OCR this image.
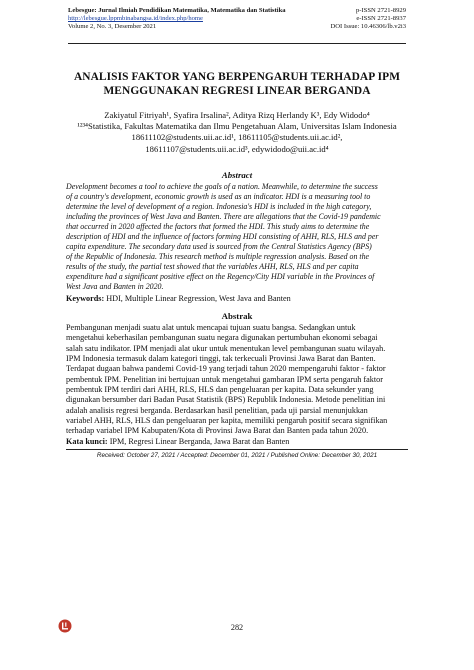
Lebesgue: Jurnal Ilmiah Pendidikan Matematika, Matematika dan Statistika	p-ISSN 2721-8929
http://lebesgue.lppmbinabangsa.id/index.php/home	e-ISSN 2721-8937
Volume 2, No. 3, Desember 2021	DOI Issue: 10.46306/lb.v2i3
ANALISIS FAKTOR YANG BERPENGARUH TERHADAP IPM
MENGGUNAKAN REGRESI LINEAR BERGANDA
Zakiyatul Fitriyah¹, Syafira Irsalina², Aditya Rizq Herlandy K³, Edy Widodo⁴
¹²³⁴Statistika, Fakultas Matematika dan Ilmu Pengetahuan Alam, Universitas Islam Indonesia
18611102@students.uii.ac.id¹, 18611105@students.uii.ac.id²,
18611107@students.uii.ac.id³, edywidodo@uii.ac.id⁴
Abstract
Development becomes a tool to achieve the goals of a nation. Meanwhile, to determine the success
of a country's development, economic growth is used as an indicator. HDI is a measuring tool to
determine the level of development of a region. Indonesia's HDI is included in the high category,
including the provinces of West Java and Banten. There are allegations that the Covid-19 pandemic
that occurred in 2020 affected the factors that formed the HDI. This study aims to determine the
description of HDI and the influence of factors forming HDI consisting of AHH, RLS, HLS and per
capita expenditure. The secondary data used is sourced from the Central Statistics Agency (BPS)
of the Republic of Indonesia. This research method is multiple regression analysis. Based on the
results of the study, the partial test showed that the variables AHH, RLS, HLS and per capita
expenditure had a significant positive effect on the Regency/City HDI variable in the Provinces of
West Java and Banten in 2020.
Keywords: HDI, Multiple Linear Regression, West Java and Banten
Abstrak
Pembangunan menjadi suatu alat untuk mencapai tujuan suatu bangsa. Sedangkan untuk
mengetahui keberhasilan pembangunan suatu negara digunakan pertumbuhan ekonomi sebagai
salah satu indikator. IPM menjadi alat ukur untuk menentukan level pembangunan suatu wilayah.
IPM Indonesia termasuk dalam kategori tinggi, tak terkecuali Provinsi Jawa Barat dan Banten.
Terdapat dugaan bahwa pandemi Covid-19 yang terjadi tahun 2020 mempengaruhi faktor - faktor
pembentuk IPM. Penelitian ini bertujuan untuk mengetahui gambaran IPM serta pengaruh faktor
pembentuk IPM terdiri dari AHH, RLS, HLS dan pengeluaran per kapita. Data sekunder yang
digunakan bersumber dari Badan Pusat Statistik (BPS) Republik Indonesia. Metode penelitian ini
adalah analisis regresi berganda. Berdasarkan hasil penelitian, pada uji parsial menunjukkan
variabel AHH, RLS, HLS dan pengeluaran per kapita, memiliki pengaruh positif secara signifikan
terhadap variabel IPM Kabupaten/Kota di Provinsi Jawa Barat dan Banten pada tahun 2020.
Kata kunci: IPM, Regresi Linear Berganda, Jawa Barat dan Banten
Received: October 27, 2021 / Accepted: December 01, 2021 / Published Online: December 30, 2021
282
